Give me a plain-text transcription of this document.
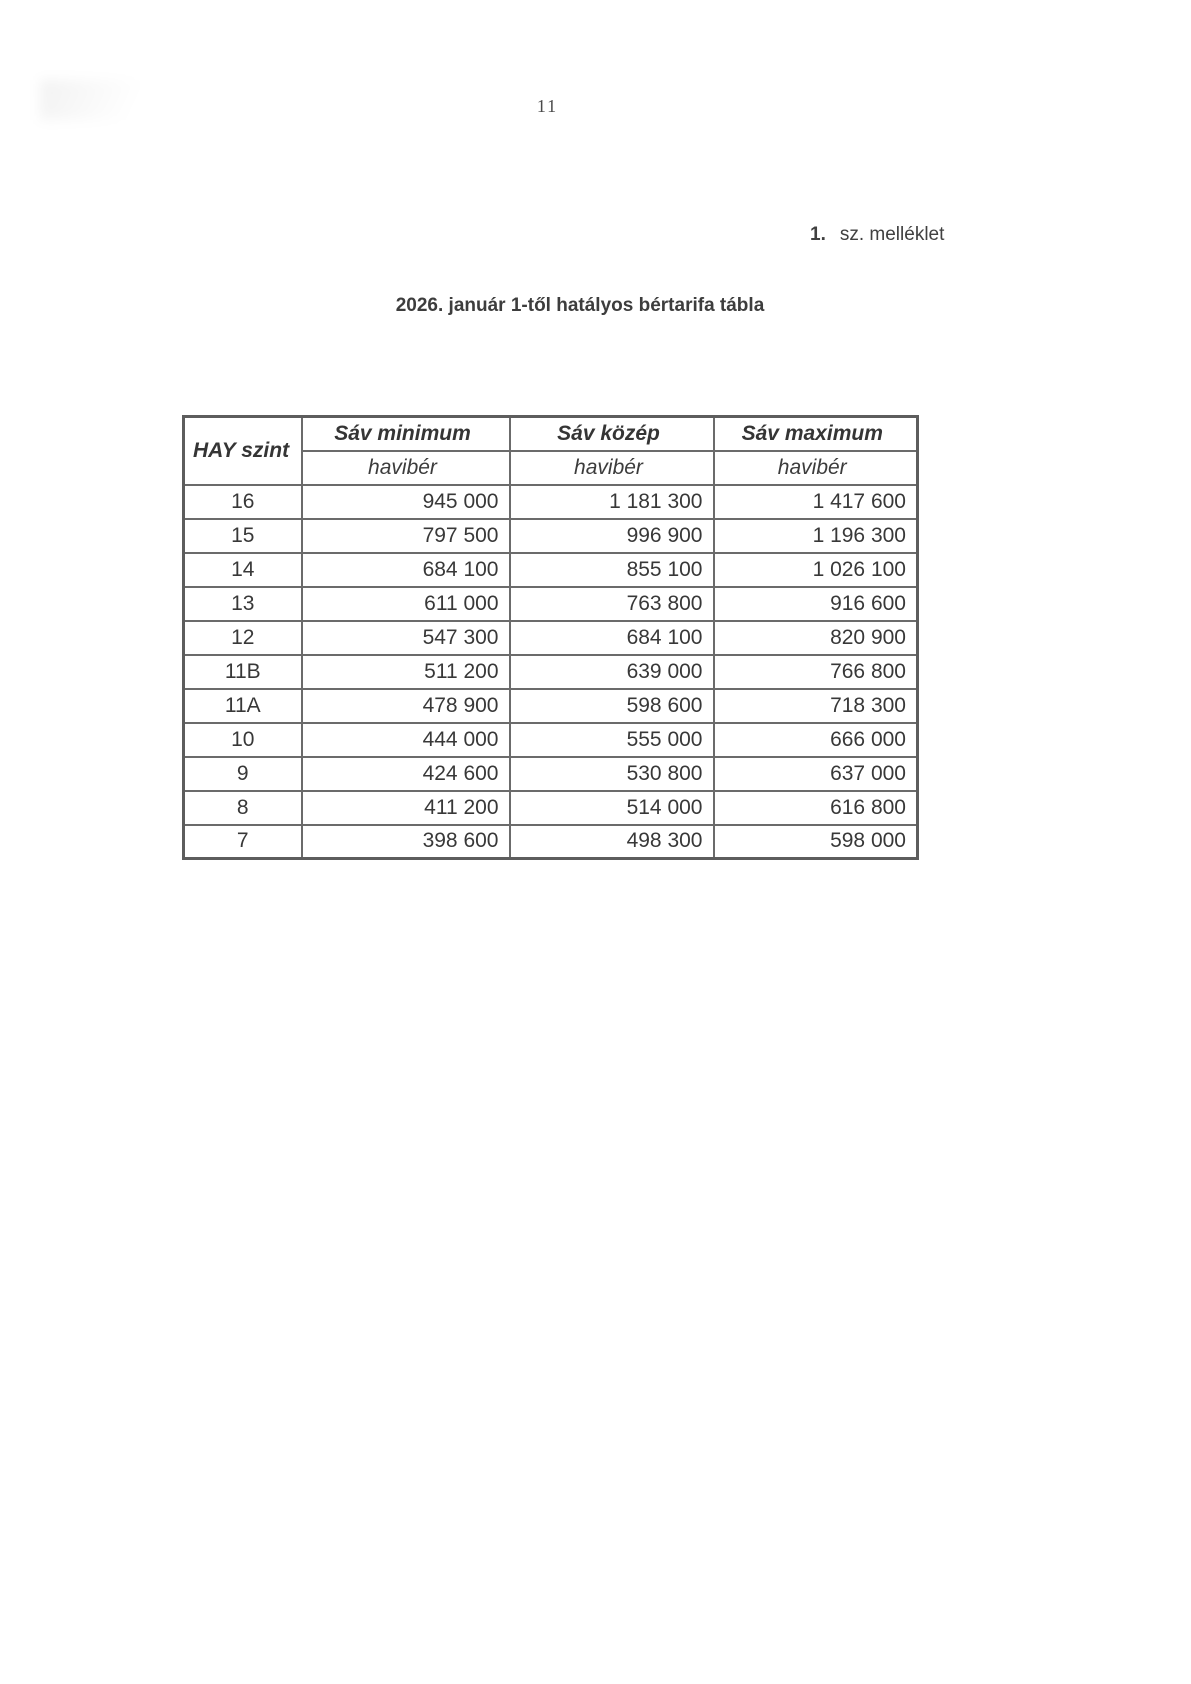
11
1. sz. melléklet
2026. január 1-től hatályos bértarifa tábla
HAY szint	Sáv minimum	Sáv közép	Sáv maximum
	havibér	havibér	havibér
16	945 000	1 181 300	1 417 600
15	797 500	996 900	1 196 300
14	684 100	855 100	1 026 100
13	611 000	763 800	916 600
12	547 300	684 100	820 900
11B	511 200	639 000	766 800
11A	478 900	598 600	718 300
10	444 000	555 000	666 000
9	424 600	530 800	637 000
8	411 200	514 000	616 800
7	398 600	498 300	598 000
